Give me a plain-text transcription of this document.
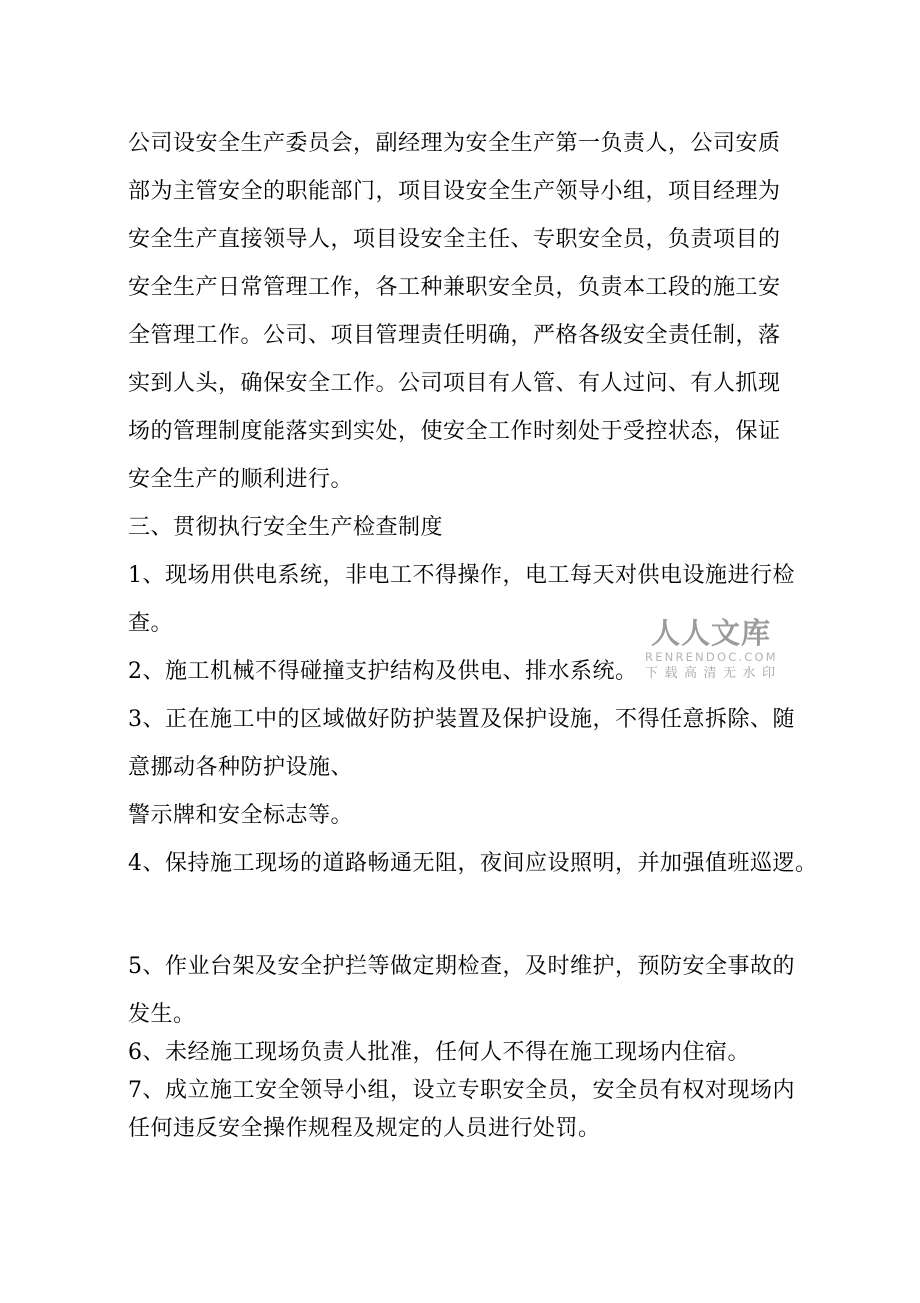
公司设安全生产委员会，副经理为安全生产第一负责人，公司安质

部为主管安全的职能部门，项目设安全生产领导小组，项目经理为

安全生产直接领导人，项目设安全主任、专职安全员，负责项目的

安全生产日常管理工作，各工种兼职安全员，负责本工段的施工安

全管理工作。公司、项目管理责任明确，严格各级安全责任制，落

实到人头，确保安全工作。公司项目有人管、有人过问、有人抓现

场的管理制度能落实到实处，使安全工作时刻处于受控状态，保证

安全生产的顺利进行。

三、贯彻执行安全生产检查制度

1、现场用供电系统，非电工不得操作，电工每天对供电设施进行检

查。

2、施工机械不得碰撞支护结构及供电、排水系统。

3、正在施工中的区域做好防护装置及保护设施，不得任意拆除、随

意挪动各种防护设施、

警示牌和安全标志等。

4、保持施工现场的道路畅通无阻，夜间应设照明，并加强值班巡逻。

5、作业台架及安全护拦等做定期检查，及时维护，预防安全事故的

发生。

6、未经施工现场负责人批准，任何人不得在施工现场内住宿。

7、成立施工安全领导小组，设立专职安全员，安全员有权对现场内

任何违反安全操作规程及规定的人员进行处罚。

人人文库
RENRENDOC.COM
下载高清无水印
